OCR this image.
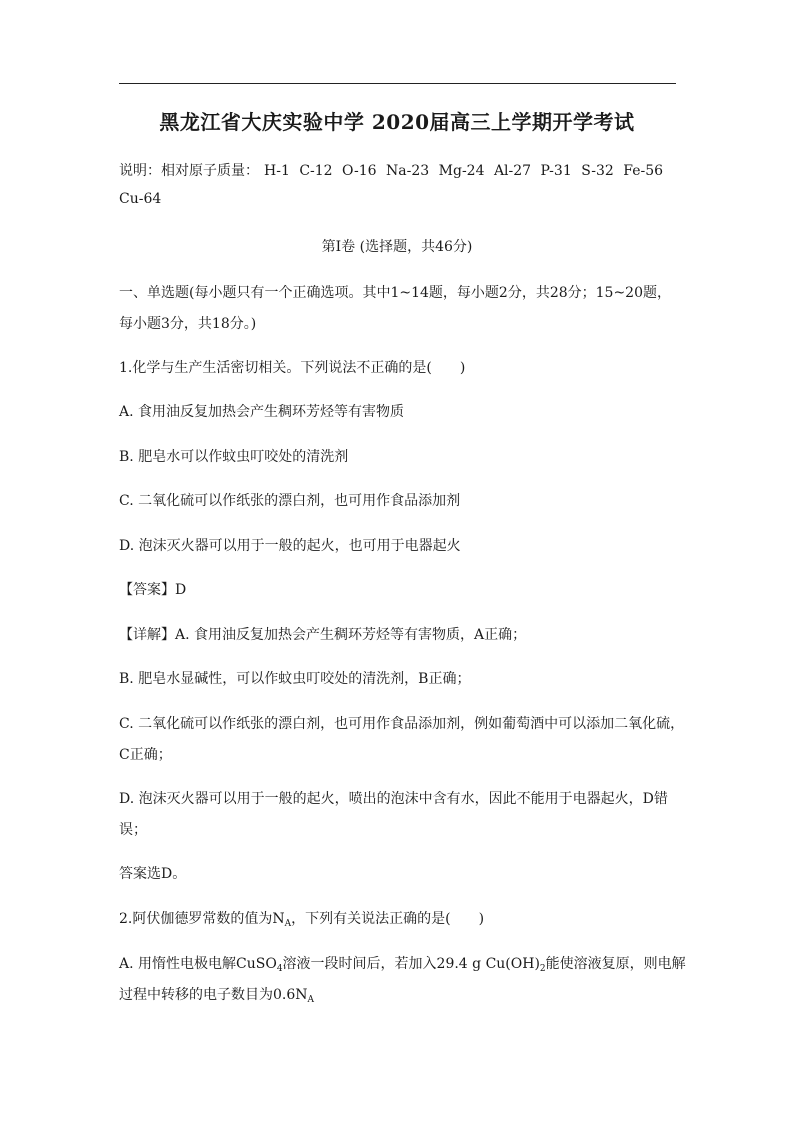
黑龙江省大庆实验中学 2020届高三上学期开学考试
说明：相对原子质量： H-1 C-12 O-16 Na-23 Mg-24 Al-27 P-31 S-32 Fe-56
Cu-64
第Ⅰ卷 (选择题，共46分)
一、单选题(每小题只有一个正确选项。其中1~14题，每小题2分，共28分；15~20题，
每小题3分，共18分。)
1.化学与生产生活密切相关。下列说法不正确的是(　　)
A. 食用油反复加热会产生稠环芳烃等有害物质
B. 肥皂水可以作蚊虫叮咬处的清洗剂
C. 二氧化硫可以作纸张的漂白剂，也可用作食品添加剂
D. 泡沫灭火器可以用于一般的起火，也可用于电器起火
【答案】D
【详解】A. 食用油反复加热会产生稠环芳烃等有害物质，A正确；
B. 肥皂水显碱性，可以作蚊虫叮咬处的清洗剂，B正确；
C. 二氧化硫可以作纸张的漂白剂，也可用作食品添加剂，例如葡萄酒中可以添加二氧化硫，
C正确；
D. 泡沫灭火器可以用于一般的起火，喷出的泡沫中含有水，因此不能用于电器起火，D错
误；
答案选D。
2.阿伏伽德罗常数的值为$N_A$，下列有关说法正确的是(　　)
A. 用惰性电极电解CuSO$_4$溶液一段时间后，若加入29.4 g $Cu(OH)_2$能使溶液复原，则电解
过程中转移的电子数目为$0.6N_A$
